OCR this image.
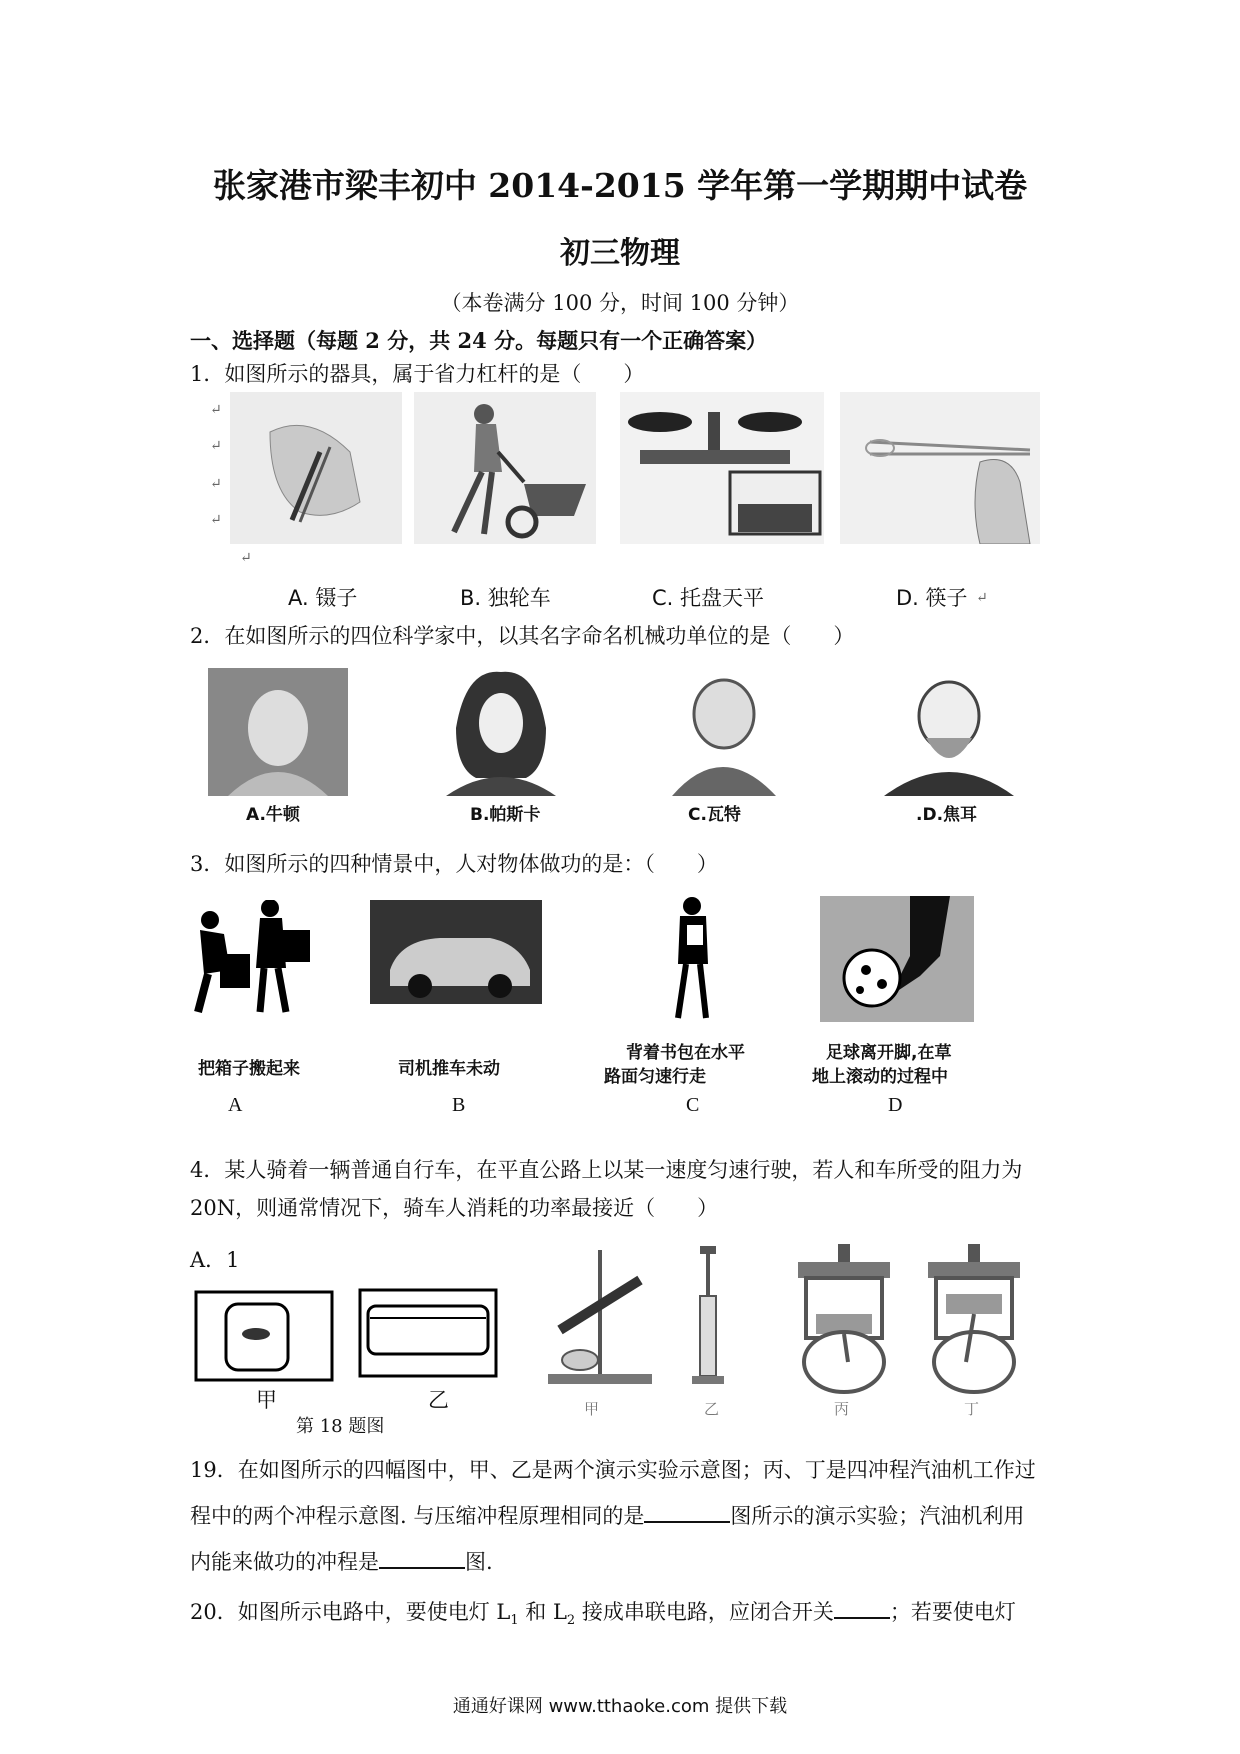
张家港市梁丰初中 2014-2015 学年第一学期期中试卷
初三物理
（本卷满分 100 分，时间 100 分钟）
一、选择题（每题 2 分，共 24 分。每题只有一个正确答案）
1．如图所示的器具，属于省力杠杆的是（　　）
↵
↵
↵
↵
↵
A. 镊子	B. 独轮车	C. 托盘天平	D. 筷子 ↵
2．在如图所示的四位科学家中，以其名字命名机械功单位的是（　　）
A.牛顿	B.帕斯卡	C.瓦特	.D.焦耳
3．如图所示的四种情景中，人对物体做功的是：（　　）
把箱子搬起来	司机推车未动
背着书包在水平
路面匀速行走
足球离开脚,在草
地上滚动的过程中
A	B	C	D
4．某人骑着一辆普通自行车，在平直公路上以某一速度匀速行驶，若人和车所受的阻力为
20N，则通常情况下，骑车人消耗的功率最接近（　　）
A．1
甲	乙
第 18 题图
甲	乙	丙	丁
19．在如图所示的四幅图中，甲、乙是两个演示实验示意图；丙、丁是四冲程汽油机工作过
程中的两个冲程示意图. 与压缩冲程原理相同的是	图所示的演示实验；汽油机利用
内能来做功的冲程是	图.
20．如图所示电路中，要使电灯 $L_1$ 和 $L_2$ 接成串联电路，应闭合开关	；若要使电灯
通通好课网 www.tthaoke.com 提供下载
